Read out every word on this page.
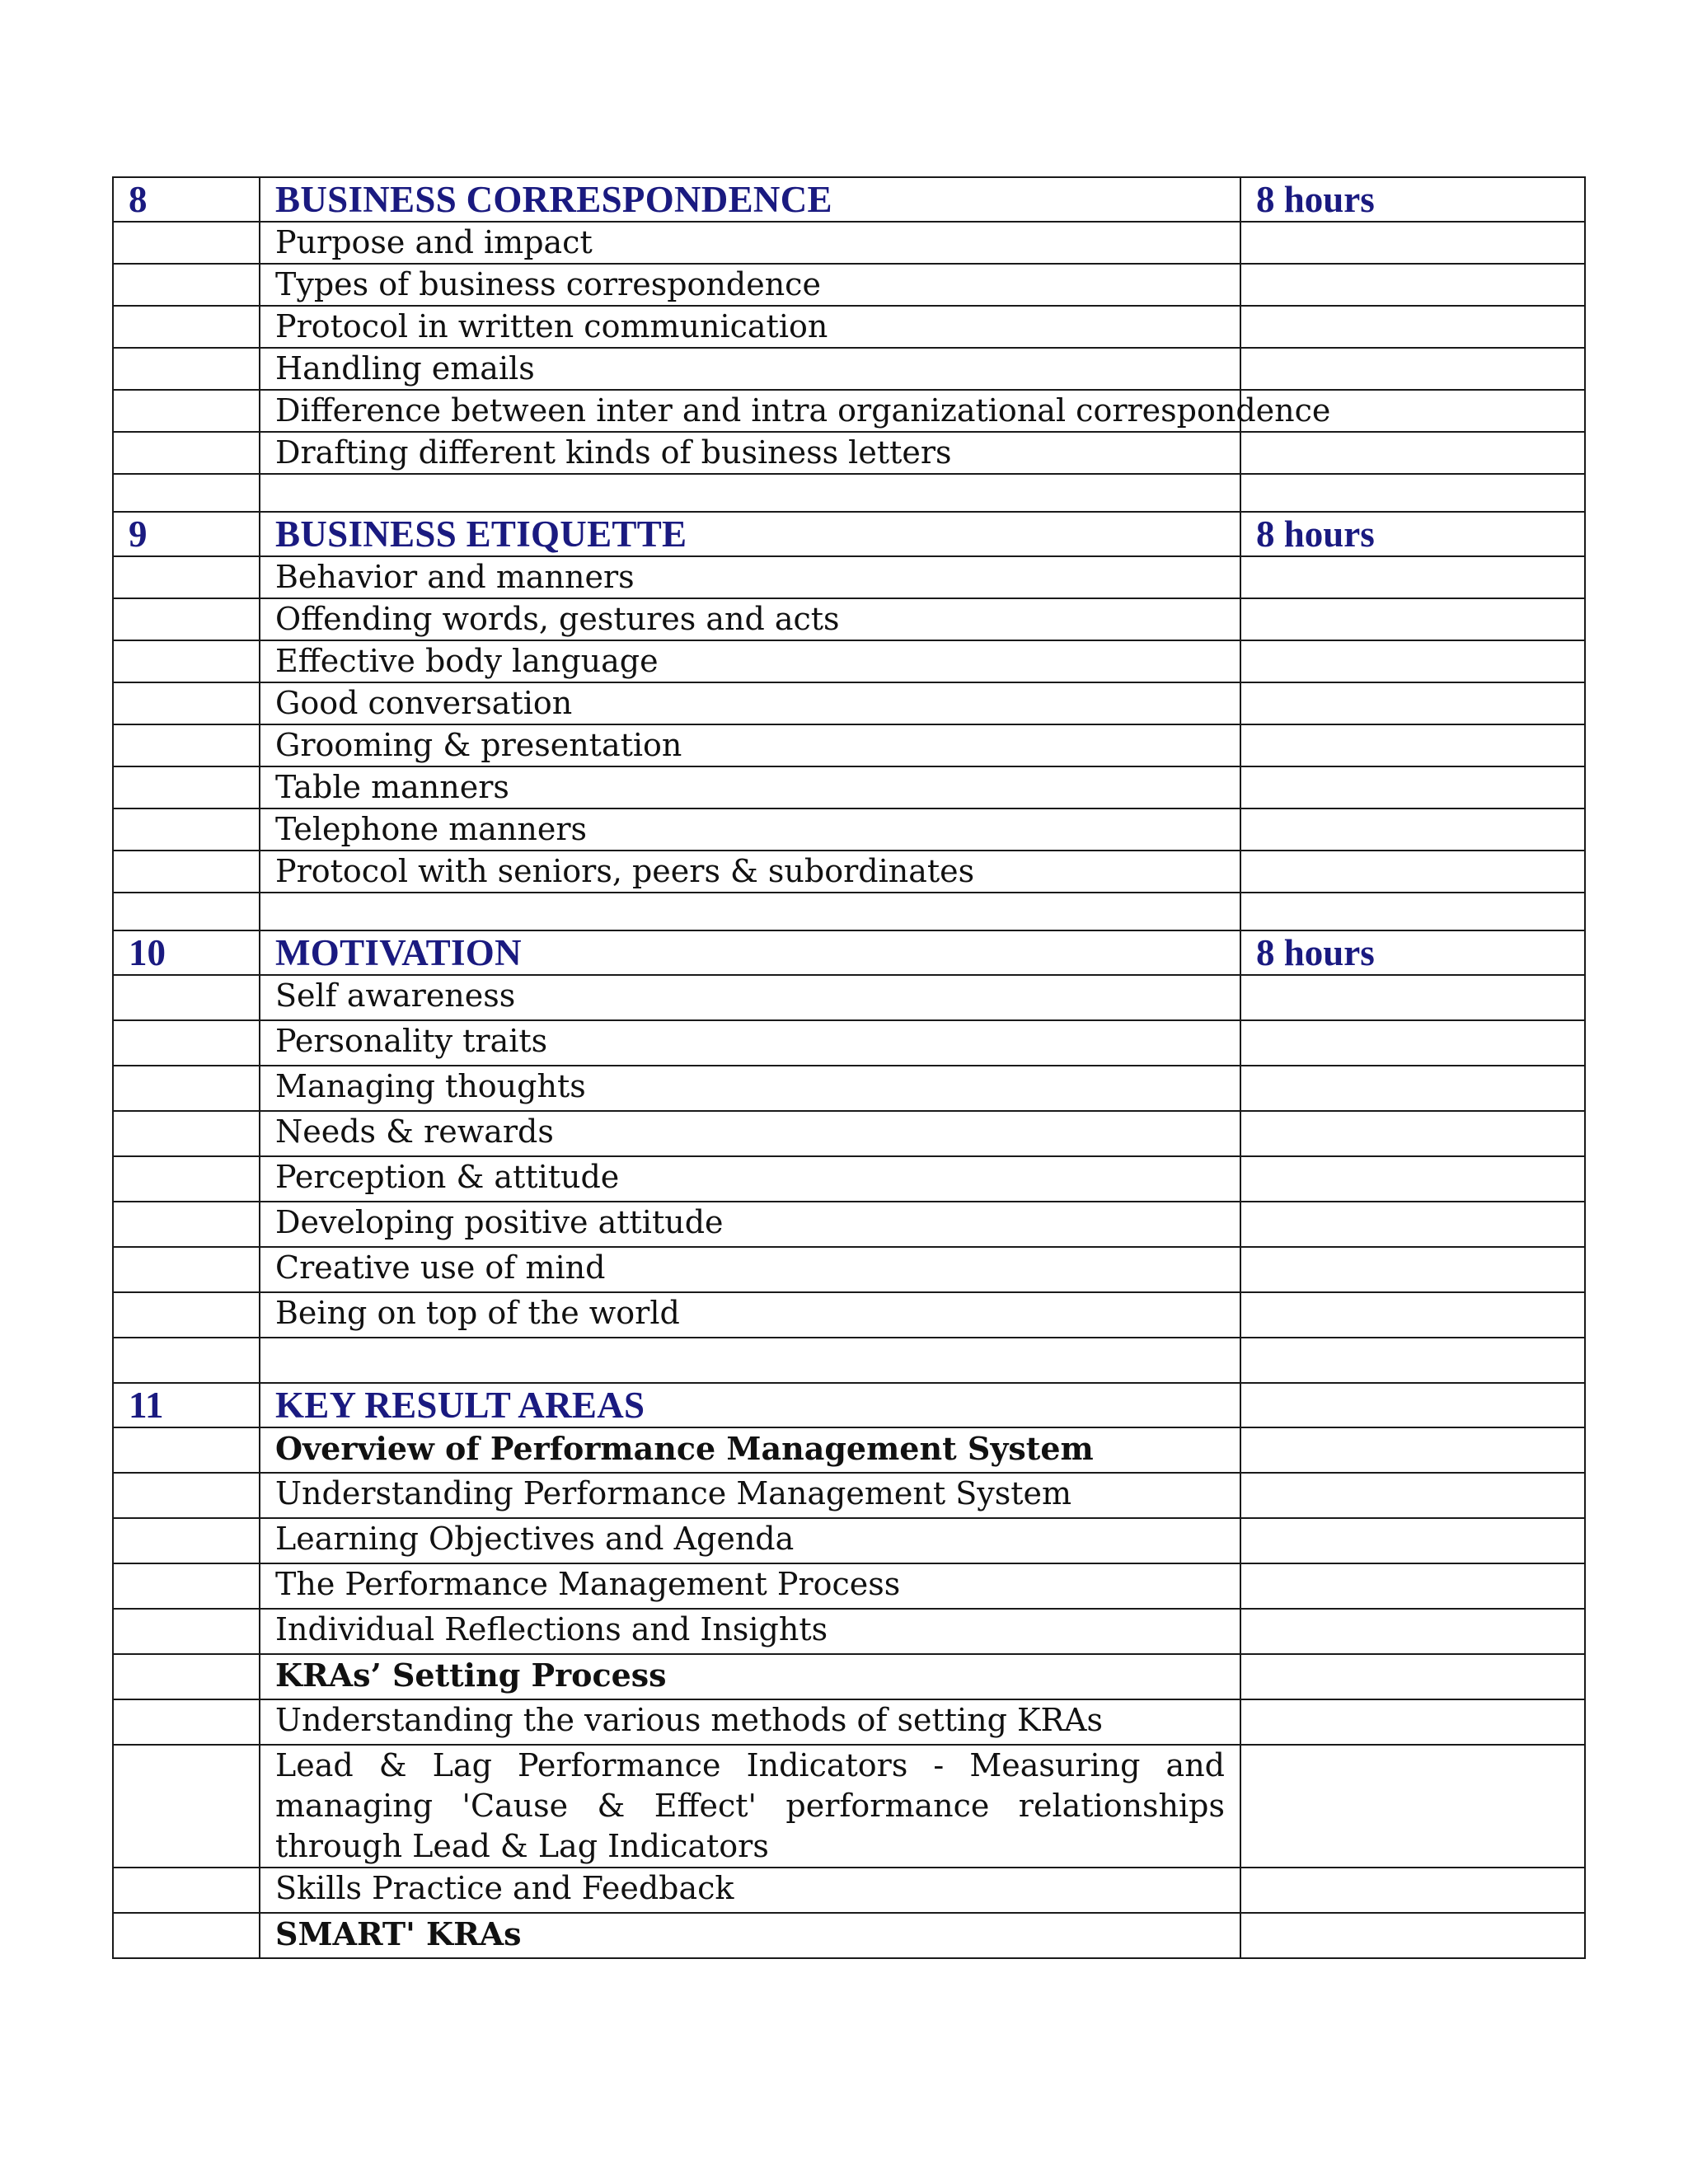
8	BUSINESS CORRESPONDENCE	8 hours
	Purpose and impact	
	Types of business correspondence	
	Protocol in written communication	
	Handling emails	
	Difference between inter and intra organizational correspondence	
	Drafting different kinds of business letters	

9	BUSINESS ETIQUETTE	8 hours
	Behavior and manners	
	Offending words, gestures and acts	
	Effective body language	
	Good conversation	
	Grooming & presentation	
	Table manners	
	Telephone manners	
	Protocol with seniors, peers & subordinates	

10	MOTIVATION	8 hours
	Self awareness	
	Personality traits	
	Managing thoughts	
	Needs & rewards	
	Perception & attitude	
	Developing positive attitude	
	Creative use of mind	
	Being on top of the world	

11	KEY RESULT AREAS	
	Overview of Performance Management System	
	Understanding Performance Management System	
	Learning Objectives and Agenda	
	The Performance Management Process	
	Individual Reflections and Insights	
	KRAs’ Setting Process	
	Understanding the various methods of setting KRAs	
	Lead & Lag Performance Indicators - Measuring and managing 'Cause & Effect' performance relationships through Lead & Lag Indicators	
	Skills Practice and Feedback	
	SMART' KRAs	
